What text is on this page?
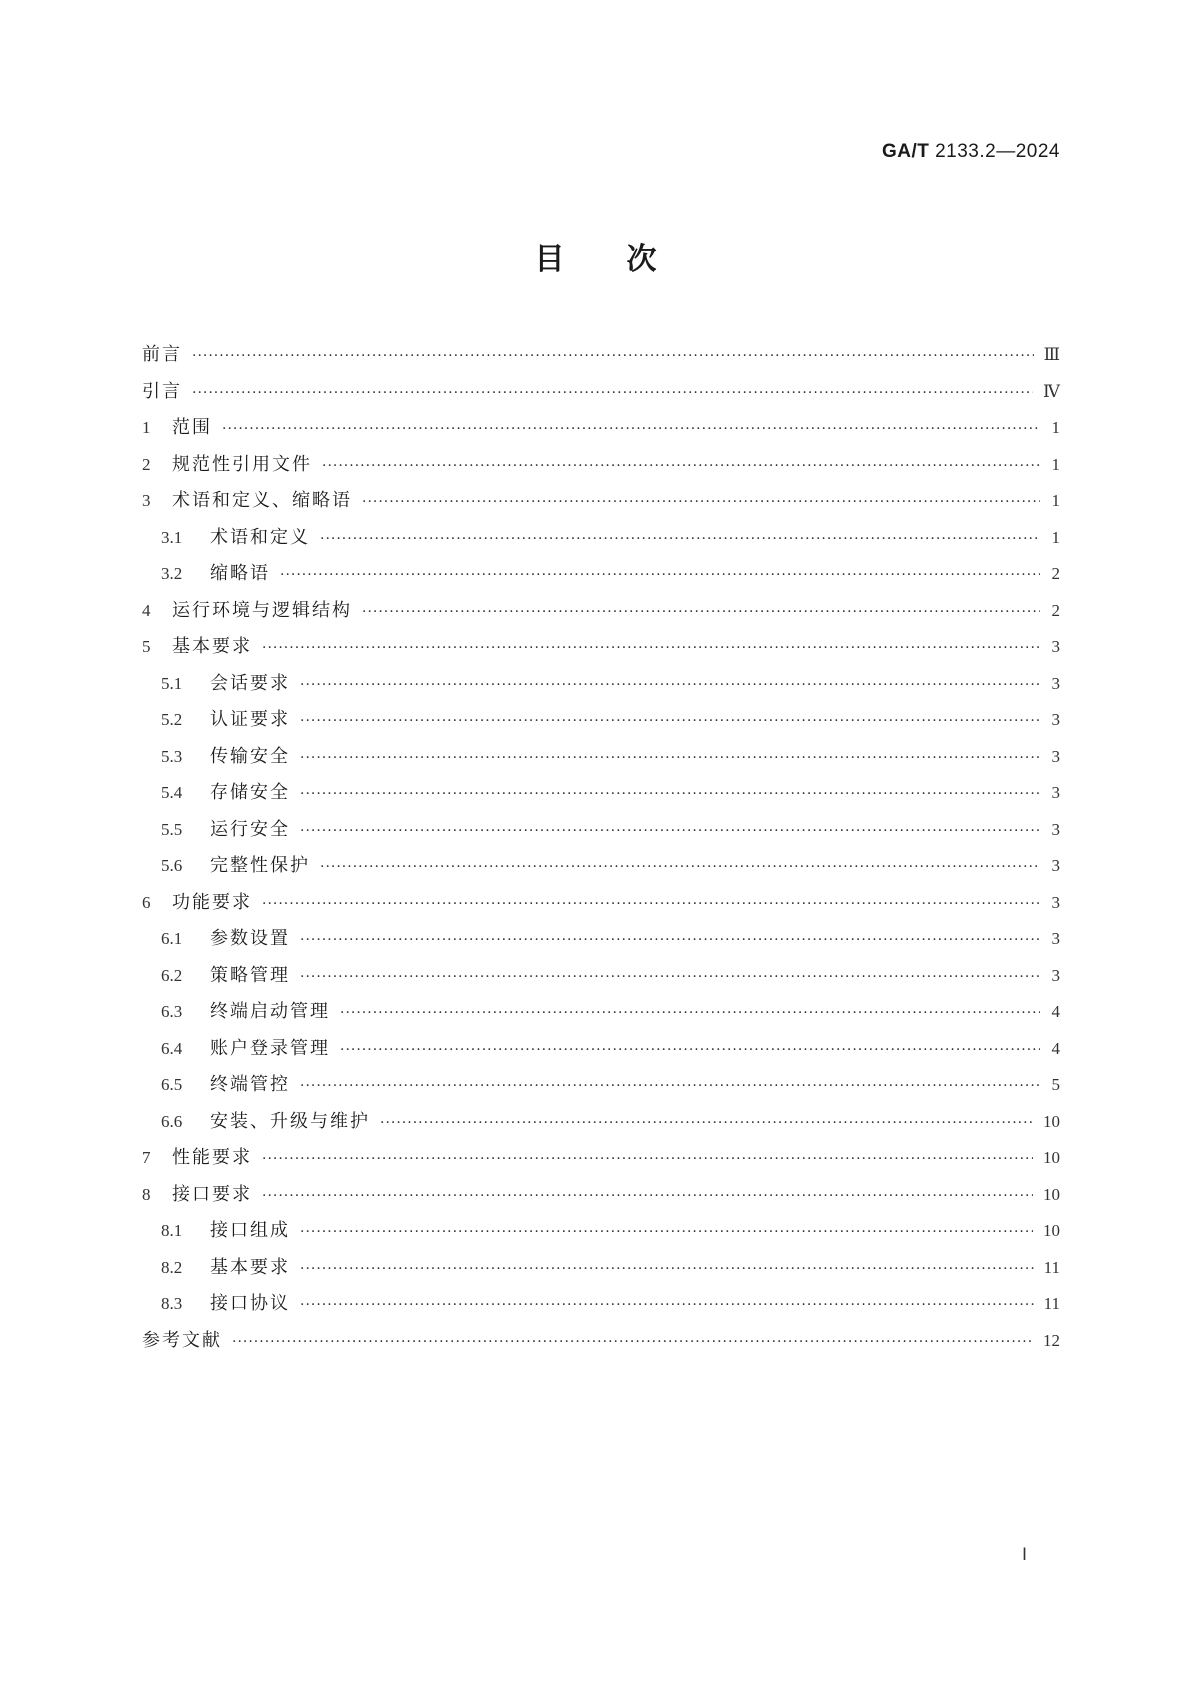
GA/T 2133.2—2024
目 次
前言 ·····	Ⅲ
引言 ·····	Ⅳ
1	范围 ·····	1
2	规范性引用文件 ·····	1
3	术语和定义、缩略语 ·····	1
3.1	术语和定义 ·····	1
3.2	缩略语 ·····	2
4	运行环境与逻辑结构 ·····	2
5	基本要求 ·····	3
5.1	会话要求 ·····	3
5.2	认证要求 ·····	3
5.3	传输安全 ·····	3
5.4	存储安全 ·····	3
5.5	运行安全 ·····	3
5.6	完整性保护 ·····	3
6	功能要求 ·····	3
6.1	参数设置 ·····	3
6.2	策略管理 ·····	3
6.3	终端启动管理 ·····	4
6.4	账户登录管理 ·····	4
6.5	终端管控 ·····	5
6.6	安装、升级与维护 ·····	10
7	性能要求 ·····	10
8	接口要求 ·····	10
8.1	接口组成 ·····	10
8.2	基本要求 ·····	11
8.3	接口协议 ·····	11
参考文献 ·····	12
Ⅰ
